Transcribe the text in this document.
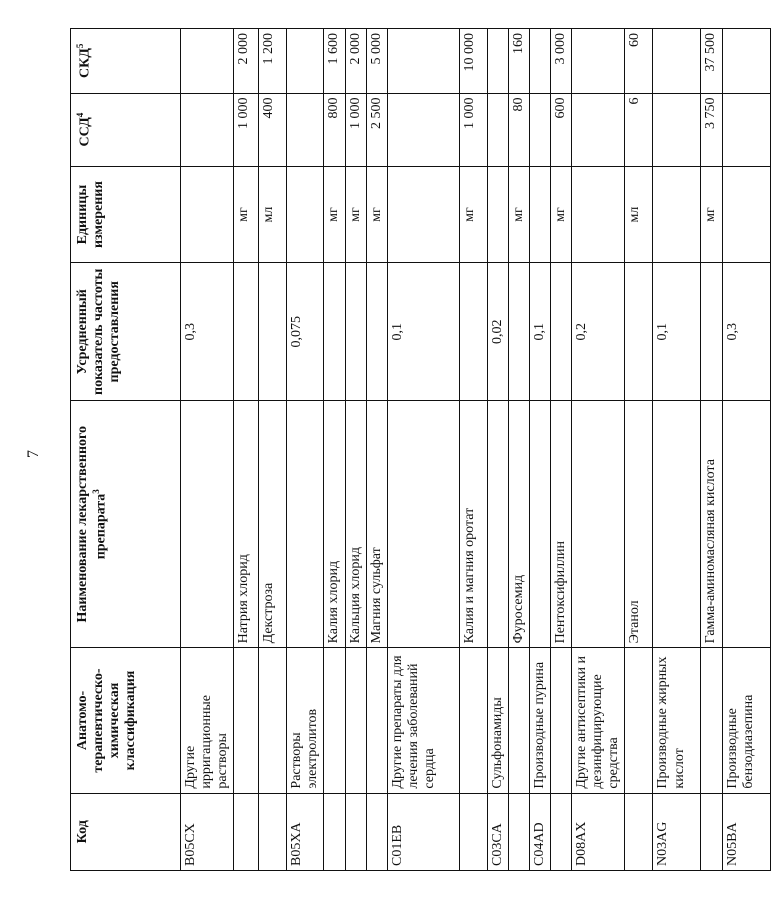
7
Код	Анатомо-терапевтическо-химическая классификация	Наименование лекарственного препарата$^3$	Усредненный показатель частоты предоставления	Единицы измерения	ССД$^4$	СКД$^5$
B05CX	Другие ирригационные растворы		0,3			
		Натрия хлорид		мг	1 000	2 000
		Декстроза		мл	400	1 200
B05XA	Растворы электролитов		0,075			
		Калия хлорид		мг	800	1 600
		Кальция хлорид		мг	1 000	2 000
		Магния сульфат		мг	2 500	5 000
C01EB	Другие препараты для лечения заболеваний сердца		0,1			
		Калия и магния оротат		мг	1 000	10 000
C03CA	Сульфонамиды		0,02			
		Фуросемид		мг	80	160
C04AD	Производные пурина		0,1			
		Пентоксифиллин		мг	600	3 000
D08AX	Другие антисептики и дезинфицирующие средства		0,2			
		Этанол		мл	6	60
N03AG	Производные жирных кислот		0,1			
		Гамма-аминомасляная кислота		мг	3 750	37 500
N05BA	Производные бензодиазепина		0,3			
